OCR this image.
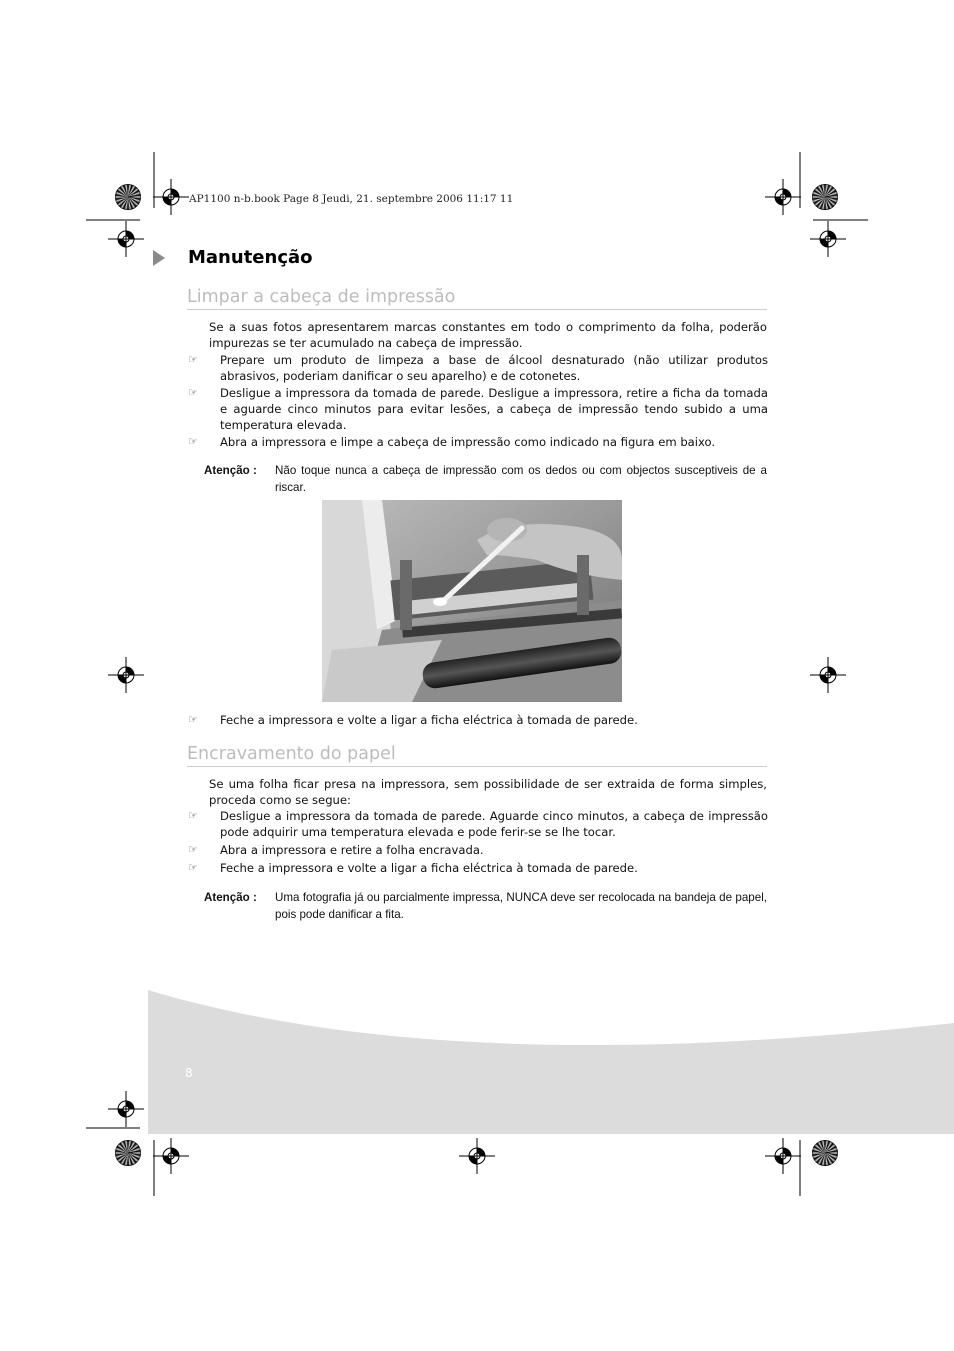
AP1100 n-b.book Page 8 Jeudi, 21. septembre 2006 11:17 11
Manutenção
Limpar a cabeça de impressão
Se a suas fotos apresentarem marcas constantes em todo o comprimento da folha, poderão impurezas se ter acumulado na cabeça de impressão.
☞	Prepare um produto de limpeza a base de álcool desnaturado (não utilizar produtos abrasivos, poderiam danificar o seu aparelho) e de cotonetes.
☞	Desligue a impressora da tomada de parede. Desligue a impressora, retire a ficha da tomada e aguarde cinco minutos para evitar lesões, a cabeça de impressão tendo subido a uma temperatura elevada.
☞	Abra a impressora e limpe a cabeça de impressão como indicado na figura em baixo.
Atenção :	Não toque nunca a cabeça de impressão com os dedos ou com objectos susceptiveis de a riscar.
☞	Feche a impressora e volte a ligar a ficha eléctrica à tomada de parede.
Encravamento do papel
Se uma folha ficar presa na impressora, sem possibilidade de ser extraida de forma simples, proceda como se segue:
☞	Desligue a impressora da tomada de parede. Aguarde cinco minutos, a cabeça de impressão pode adquirir uma temperatura elevada e pode ferir-se se lhe tocar.
☞	Abra a impressora e retire a folha encravada.
☞	Feche a impressora e volte a ligar a ficha eléctrica à tomada de parede.
Atenção :	Uma fotografia já ou parcialmente impressa, NUNCA deve ser recolocada na bandeja de papel, pois pode danificar a fita.
8
